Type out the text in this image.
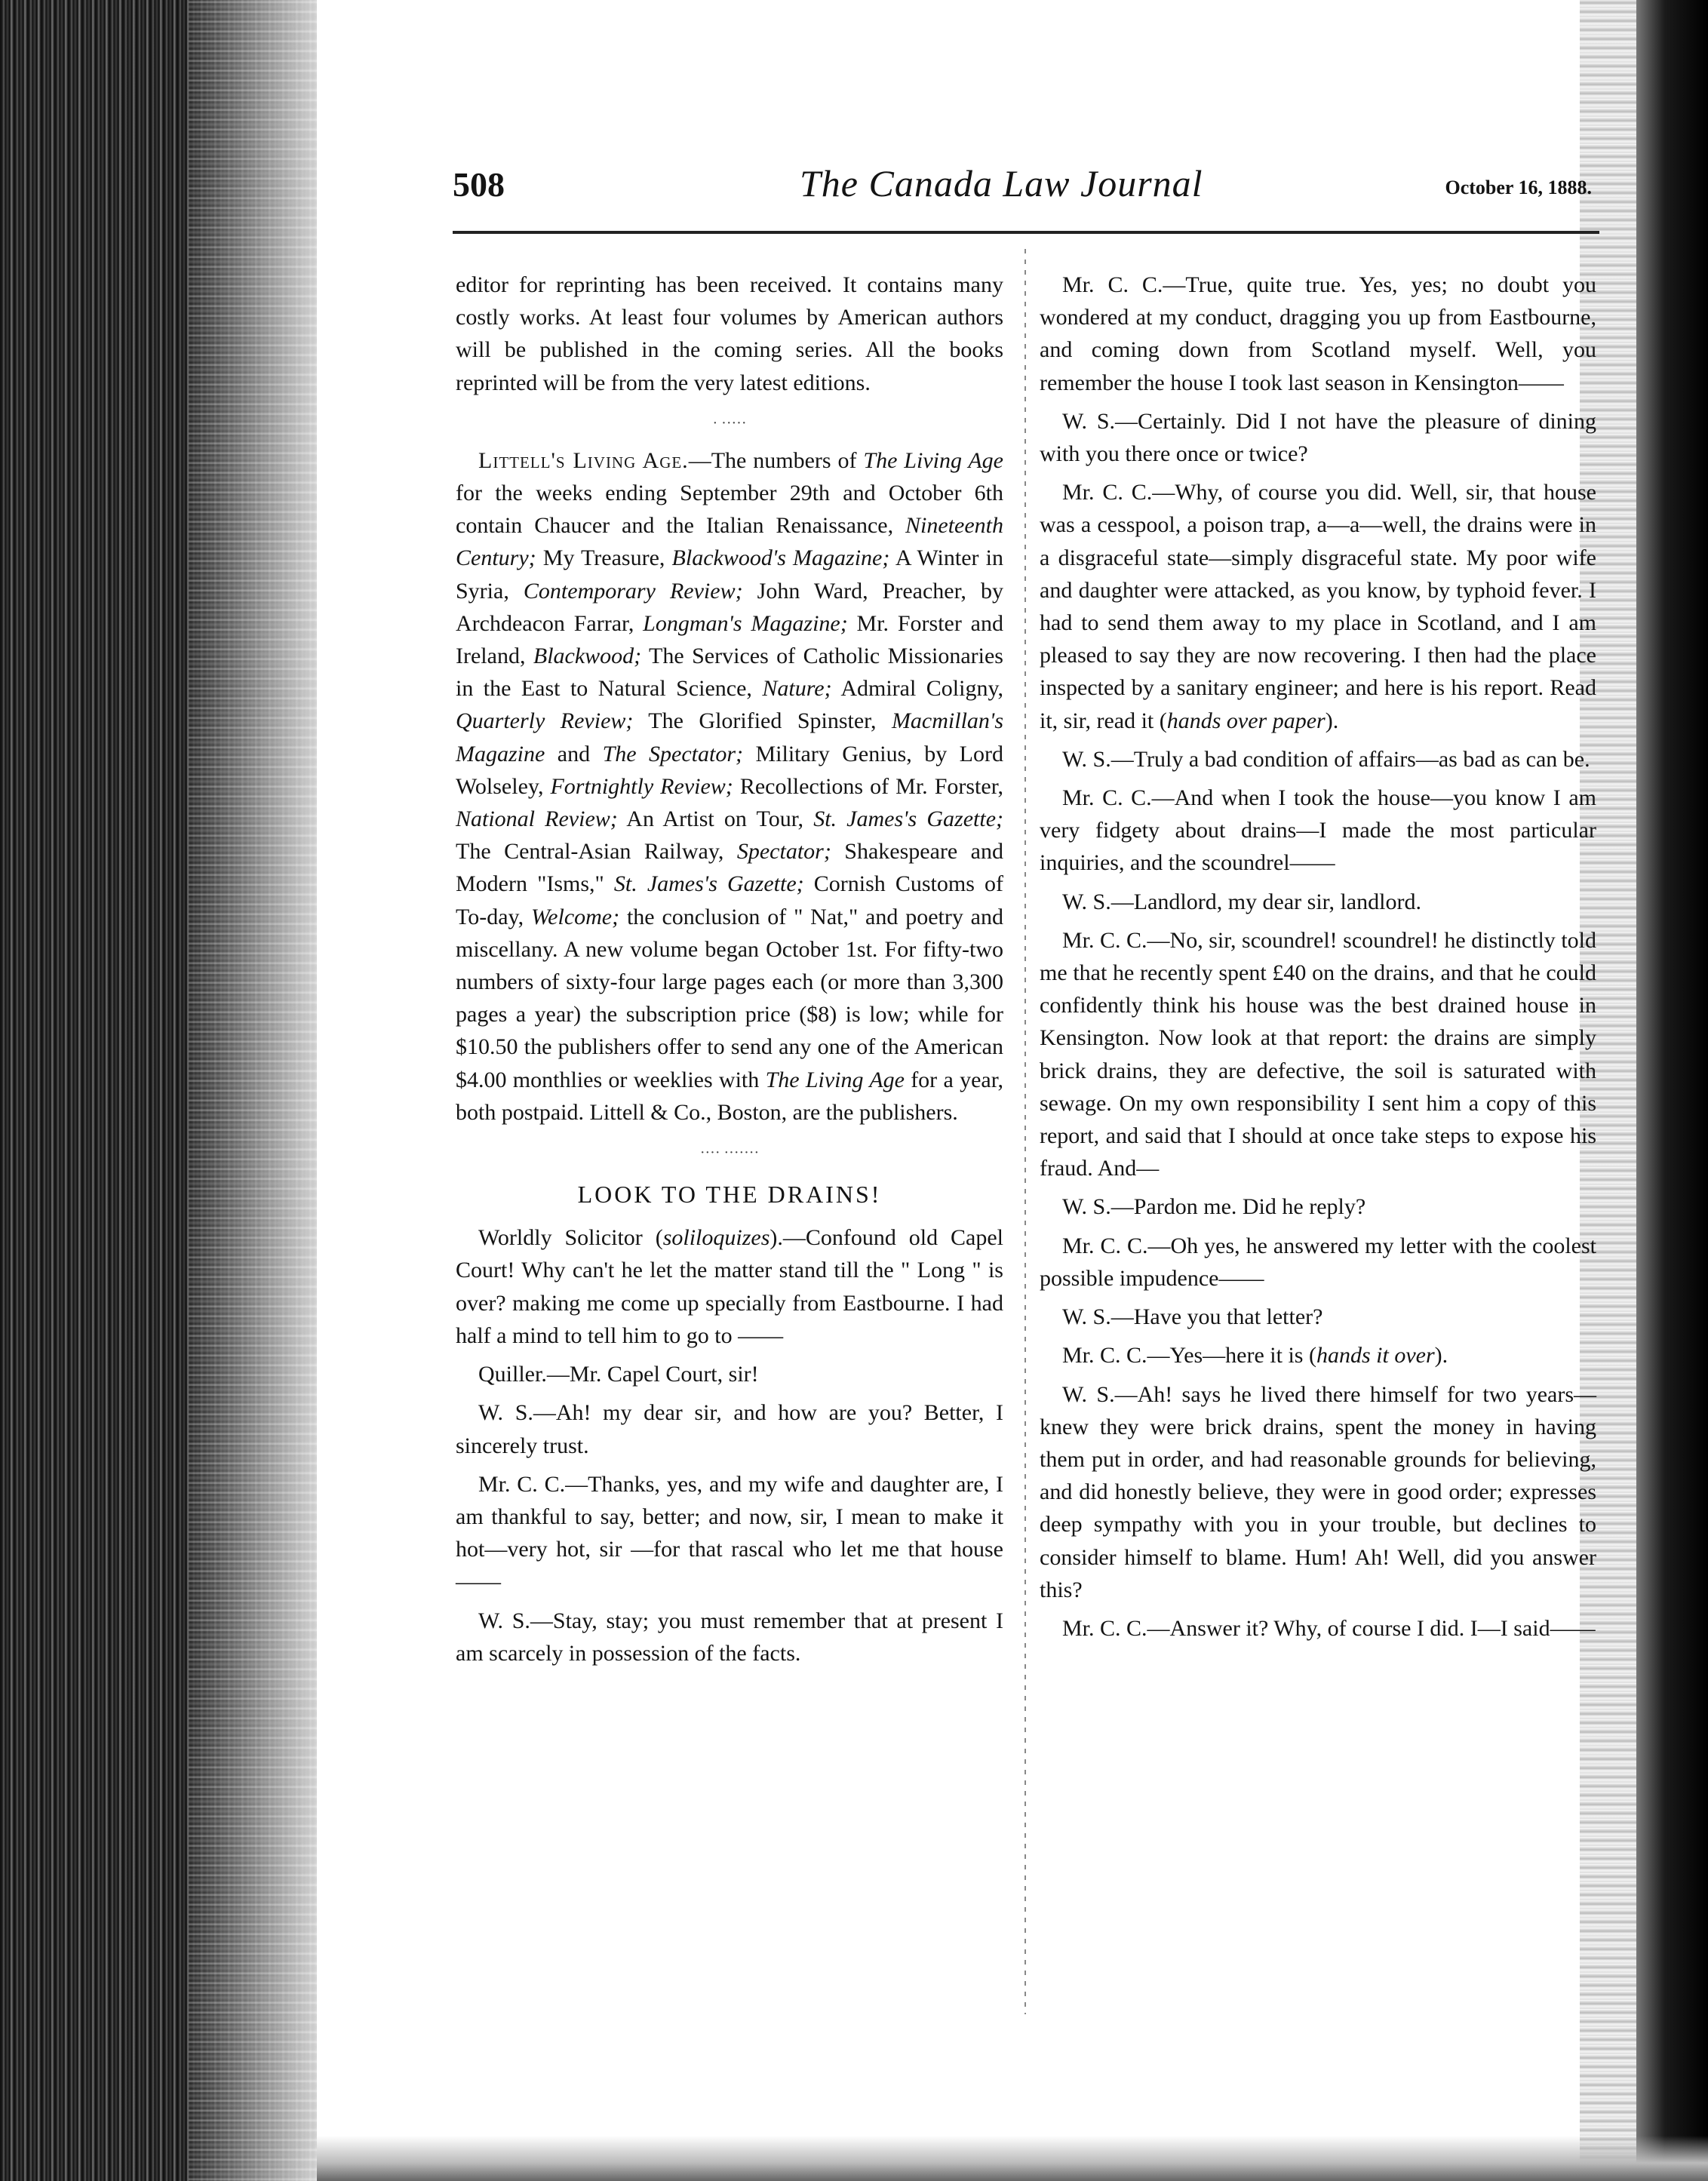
508	The Canada Law Journal	October 16, 1888.

editor for reprinting has been received. It contains many costly works. At least four volumes by American authors will be published in the coming series. All the books reprinted will be from the very latest editions.

· ·····

Littell's Living Age.—The numbers of The Living Age for the weeks ending September 29th and October 6th contain Chaucer and the Italian Renaissance, Nineteenth Century; My Treasure, Blackwood's Magazine; A Winter in Syria, Contemporary Review; John Ward, Preacher, by Archdeacon Farrar, Longman's Magazine; Mr. Forster and Ireland, Blackwood; The Services of Catholic Missionaries in the East to Natural Science, Nature; Admiral Coligny, Quarterly Review; The Glorified Spinster, Macmillan's Magazine and The Spectator; Military Genius, by Lord Wolseley, Fortnightly Review; Recollections of Mr. Forster, National Review; An Artist on Tour, St. James's Gazette; The Central-Asian Railway, Spectator; Shakespeare and Modern "Isms," St. James's Gazette; Cornish Customs of To-day, Welcome; the conclusion of " Nat," and poetry and miscellany. A new volume began October 1st. For fifty-two numbers of sixty-four large pages each (or more than 3,300 pages a year) the subscription price ($8) is low; while for $10.50 the publishers offer to send any one of the American $4.00 monthlies or weeklies with The Living Age for a year, both postpaid. Littell & Co., Boston, are the publishers.

···· ·······
LOOK TO THE DRAINS!

Worldly Solicitor (soliloquizes).—Confound old Capel Court! Why can't he let the matter stand till the " Long " is over? making me come up specially from Eastbourne. I had half a mind to tell him to go to ——

Quiller.—Mr. Capel Court, sir!

W. S.—Ah! my dear sir, and how are you? Better, I sincerely trust.

Mr. C. C.—Thanks, yes, and my wife and daughter are, I am thankful to say, better; and now, sir, I mean to make it hot—very hot, sir —for that rascal who let me that house——

W. S.—Stay, stay; you must remember that at present I am scarcely in possession of the facts.

Mr. C. C.—True, quite true. Yes, yes; no doubt you wondered at my conduct, dragging you up from Eastbourne, and coming down from Scotland myself. Well, you remember the house I took last season in Kensington——

W. S.—Certainly. Did I not have the pleasure of dining with you there once or twice?

Mr. C. C.—Why, of course you did. Well, sir, that house was a cesspool, a poison trap, a—a—well, the drains were in a disgraceful state—simply disgraceful state. My poor wife and daughter were attacked, as you know, by typhoid fever. I had to send them away to my place in Scotland, and I am pleased to say they are now recovering. I then had the place inspected by a sanitary engineer; and here is his report. Read it, sir, read it (hands over paper).

W. S.—Truly a bad condition of affairs—as bad as can be.

Mr. C. C.—And when I took the house—you know I am very fidgety about drains—I made the most particular inquiries, and the scoundrel——

W. S.—Landlord, my dear sir, landlord.

Mr. C. C.—No, sir, scoundrel! scoundrel! he distinctly told me that he recently spent £40 on the drains, and that he could confidently think his house was the best drained house in Kensington. Now look at that report: the drains are simply brick drains, they are defective, the soil is saturated with sewage. On my own responsibility I sent him a copy of this report, and said that I should at once take steps to expose his fraud. And—

W. S.—Pardon me. Did he reply?

Mr. C. C.—Oh yes, he answered my letter with the coolest possible impudence——

W. S.—Have you that letter?

Mr. C. C.—Yes—here it is (hands it over).

W. S.—Ah! says he lived there himself for two years—knew they were brick drains, spent the money in having them put in order, and had reasonable grounds for believing, and did honestly believe, they were in good order; expresses deep sympathy with you in your trouble, but declines to consider himself to blame. Hum! Ah! Well, did you answer this?

Mr. C. C.—Answer it? Why, of course I did. I—I said——
